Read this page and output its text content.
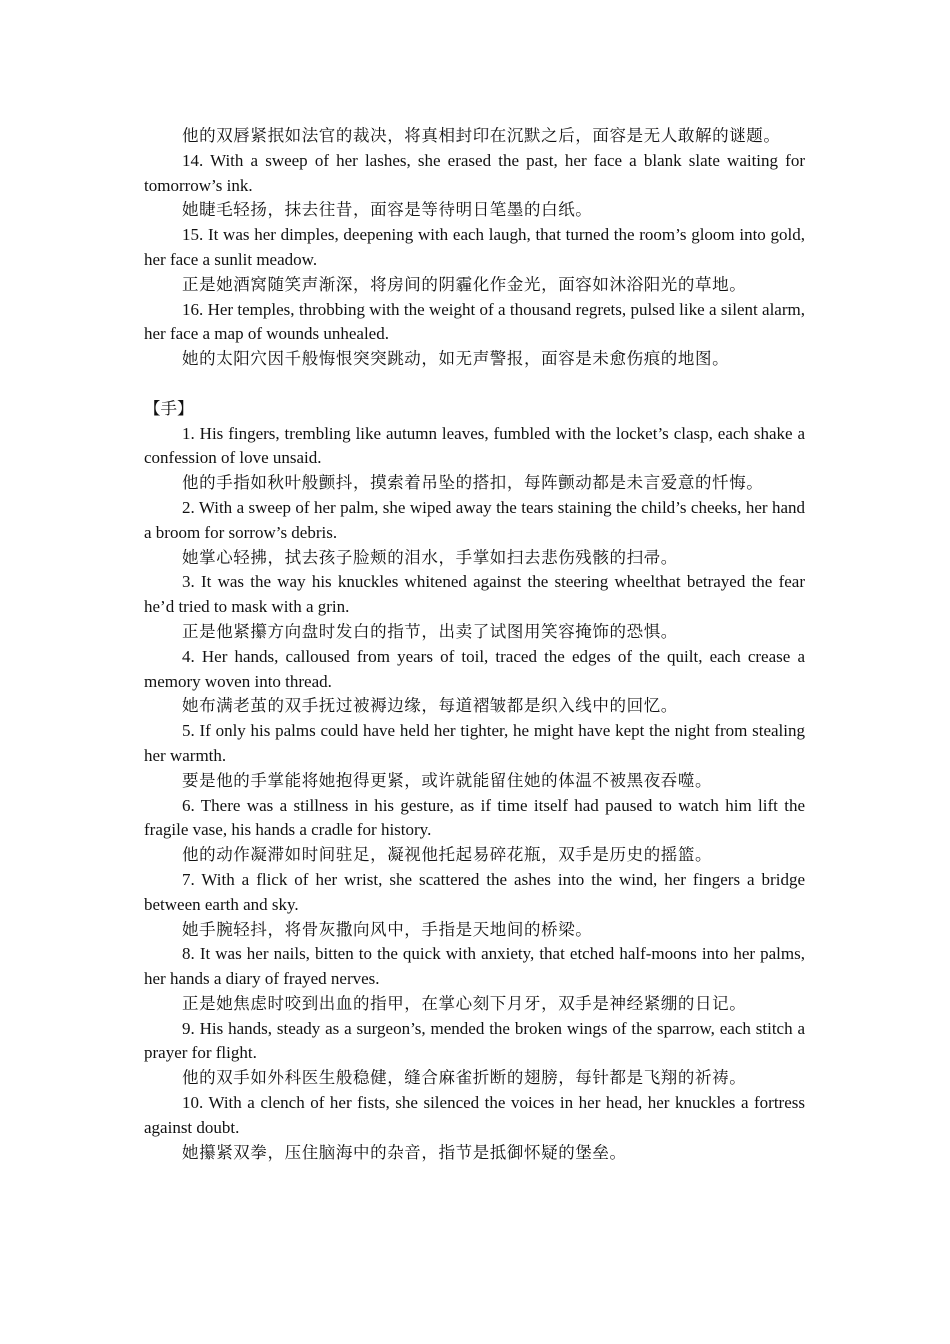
他的双唇紧抿如法官的裁决，将真相封印在沉默之后，面容是无人敢解的谜题。

14. With a sweep of her lashes, she erased the past, her face a blank slate waiting for tomorrow’s ink.

她睫毛轻扬，抹去往昔，面容是等待明日笔墨的白纸。

15. It was her dimples, deepening with each laugh, that turned the room’s gloom into gold, her face a sunlit meadow.

正是她酒窝随笑声渐深，将房间的阴霾化作金光，面容如沐浴阳光的草地。

16. Her temples, throbbing with the weight of a thousand regrets, pulsed like a silent alarm, her face a map of wounds unhealed.

她的太阳穴因千般悔恨突突跳动，如无声警报，面容是未愈伤痕的地图。

【手】

1. His fingers, trembling like autumn leaves, fumbled with the locket’s clasp, each shake a confession of love unsaid.

他的手指如秋叶般颤抖，摸索着吊坠的搭扣，每阵颤动都是未言爱意的忏悔。

2. With a sweep of her palm, she wiped away the tears staining the child’s cheeks, her hand a broom for sorrow’s debris.

她掌心轻拂，拭去孩子脸颊的泪水，手掌如扫去悲伤残骸的扫帚。

3. It was the way his knuckles whitened against the steering wheelthat betrayed the fear he’d tried to mask with a grin.

正是他紧攥方向盘时发白的指节，出卖了试图用笑容掩饰的恐惧。

4. Her hands, calloused from years of toil, traced the edges of the quilt, each crease a memory woven into thread.

她布满老茧的双手抚过被褥边缘，每道褶皱都是织入线中的回忆。

5. If only his palms could have held her tighter, he might have kept the night from stealing her warmth.

要是他的手掌能将她抱得更紧，或许就能留住她的体温不被黑夜吞噬。

6. There was a stillness in his gesture, as if time itself had paused to watch him lift the fragile vase, his hands a cradle for history.

他的动作凝滞如时间驻足，凝视他托起易碎花瓶，双手是历史的摇篮。

7. With a flick of her wrist, she scattered the ashes into the wind, her fingers a bridge between earth and sky.

她手腕轻抖，将骨灰撒向风中，手指是天地间的桥梁。

8. It was her nails, bitten to the quick with anxiety, that etched half-moons into her palms, her hands a diary of frayed nerves.

正是她焦虑时咬到出血的指甲，在掌心刻下月牙，双手是神经紧绷的日记。

9. His hands, steady as a surgeon’s, mended the broken wings of the sparrow, each stitch a prayer for flight.

他的双手如外科医生般稳健，缝合麻雀折断的翅膀，每针都是飞翔的祈祷。

10. With a clench of her fists, she silenced the voices in her head, her knuckles a fortress against doubt.

她攥紧双拳，压住脑海中的杂音，指节是抵御怀疑的堡垒。
